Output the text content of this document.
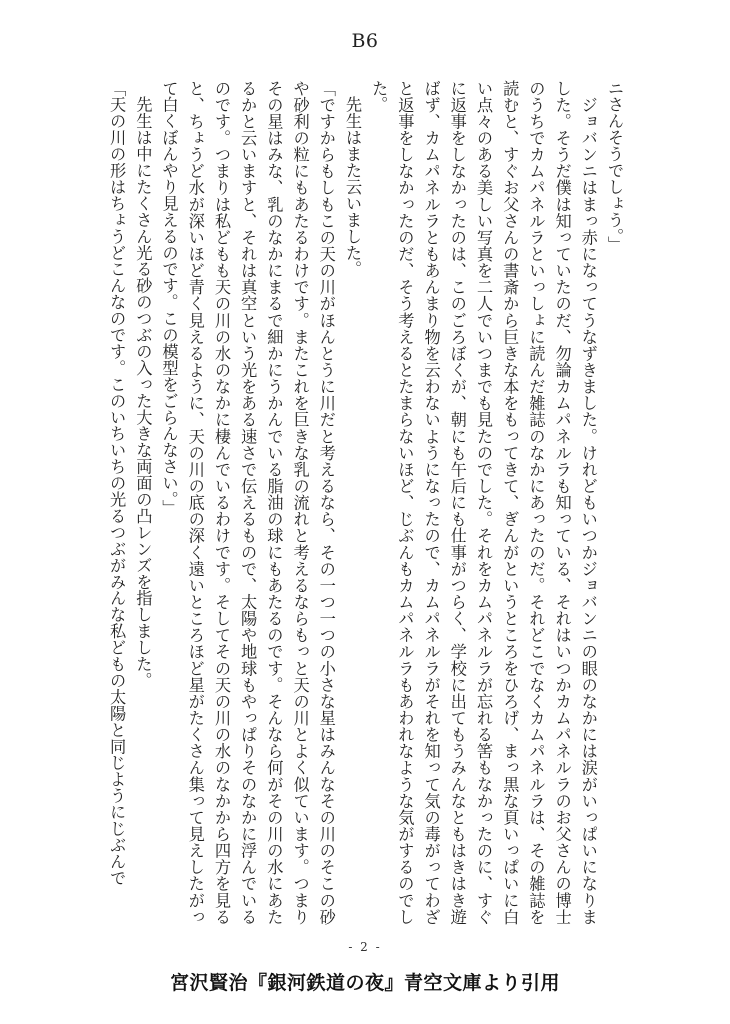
B6

ニさんそうでしょう。」

　ジョバンニはまっ赤になってうなずきました。けれどもいつかジョバンニの眼のなかには涙がいっぱいになりました。そうだ僕は知っていたのだ、勿論カムパネルラも知っている、それはいつかカムパネルラのお父さんの博士のうちでカムパネルラといっしょに読んだ雑誌のなかにあったのだ。それどこでなくカムパネルラは、その雑誌を読むと、すぐお父さんの書斎から巨きな本をもってきて、ぎんがというところをひろげ、まっ黒な頁いっぱいに白い点々のある美しい写真を二人でいつまでも見たのでした。それをカムパネルラが忘れる筈もなかったのに、すぐに返事をしなかったのは、このごろぼくが、朝にも午后にも仕事がつらく、学校に出てもうみんなともはきはき遊ばず、カムパネルラともあんまり物を云わないようになったので、カムパネルラがそれを知って気の毒がってわざと返事をしなかったのだ、そう考えるとたまらないほど、じぶんもカムパネルラもあわれなような気がするのでした。

　先生はまた云いました。

「ですからもしもこの天の川がほんとうに川だと考えるなら、その一つ一つの小さな星はみんなその川のそこの砂や砂利の粒にもあたるわけです。またこれを巨きな乳の流れと考えるならもっと天の川とよく似ています。つまりその星はみな、乳のなかにまるで細かにうかんでいる脂油の球にもあたるのです。そんなら何がその川の水にあたるかと云いますと、それは真空という光をある速さで伝えるもので、太陽や地球もやっぱりそのなかに浮んでいるのです。つまりは私どもも天の川の水のなかに棲んでいるわけです。そしてその天の川の水のなかから四方を見ると、ちょうど水が深いほど青く見えるように、天の川の底の深く遠いところほど星がたくさん集って見えしたがって白くぼんやり見えるのです。この模型をごらんなさい。」

　先生は中にたくさん光る砂のつぶの入った大きな両面の凸レンズを指しました。

「天の川の形はちょうどこんなのです。このいちいちの光るつぶがみんな私どもの太陽と同じようにじぶんで

- 2 -
宮沢賢治『銀河鉄道の夜』青空文庫より引用
